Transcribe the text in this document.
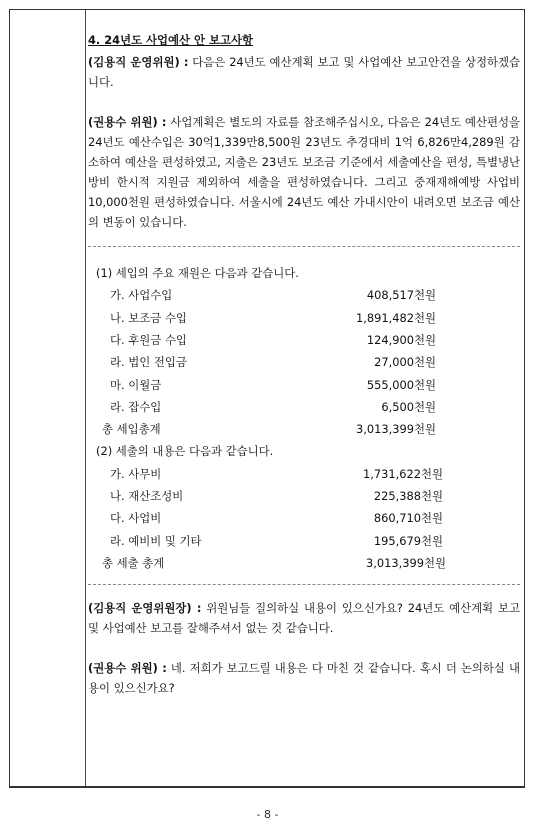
4. 24년도 사업예산 안 보고사항

(김용직 운영위원) : 다음은 24년도 예산계획 보고 및 사업예산 보고안건을 상정하겠습니다.

(권용수 위원) : 사업계획은 별도의 자료를 참조해주십시오, 다음은 24년도 예산편성을 24년도 예산수입은 30억1,339만8,500원 23년도 추경대비 1억 6,826만4,289원 감소하여 예산을 편성하였고, 지출은 23년도 보조금 기준에서 세출예산을 편성, 특별냉난방비 한시적 지원금 제외하여 세출을 편성하였습니다. 그리고 중재재해예방 사업비 10,000천원 편성하였습니다. 서울시에 24년도 예산 가내시안이 내려오면 보조금 예산의 변동이 있습니다.

(1) 세입의 주요 재원은 다음과 같습니다.
가. 사업수입	408,517천원
나. 보조금 수입	1,891,482천원
다. 후원금 수입	124,900천원
라. 법인 전입금	27,000천원
마. 이월금	555,000천원
라. 잡수입	6,500천원
총 세입총계	3,013,399천원
(2) 세출의 내용은 다음과 같습니다.
가. 사무비	1,731,622천원
나. 재산조성비	225,388천원
다. 사업비	860,710천원
라. 예비비 및 기타	195,679천원
총 세출 총계	3,013,399천원

(김용직 운영위원장) : 위원님들 질의하실 내용이 있으신가요? 24년도 예산계획 보고 및 사업예산 보고를 잘해주셔서 없는 것 같습니다.

(권용수 위원) : 네. 저희가 보고드릴 내용은 다 마친 것 같습니다. 혹시 더 논의하실 내용이 있으신가요?

- 8 -
